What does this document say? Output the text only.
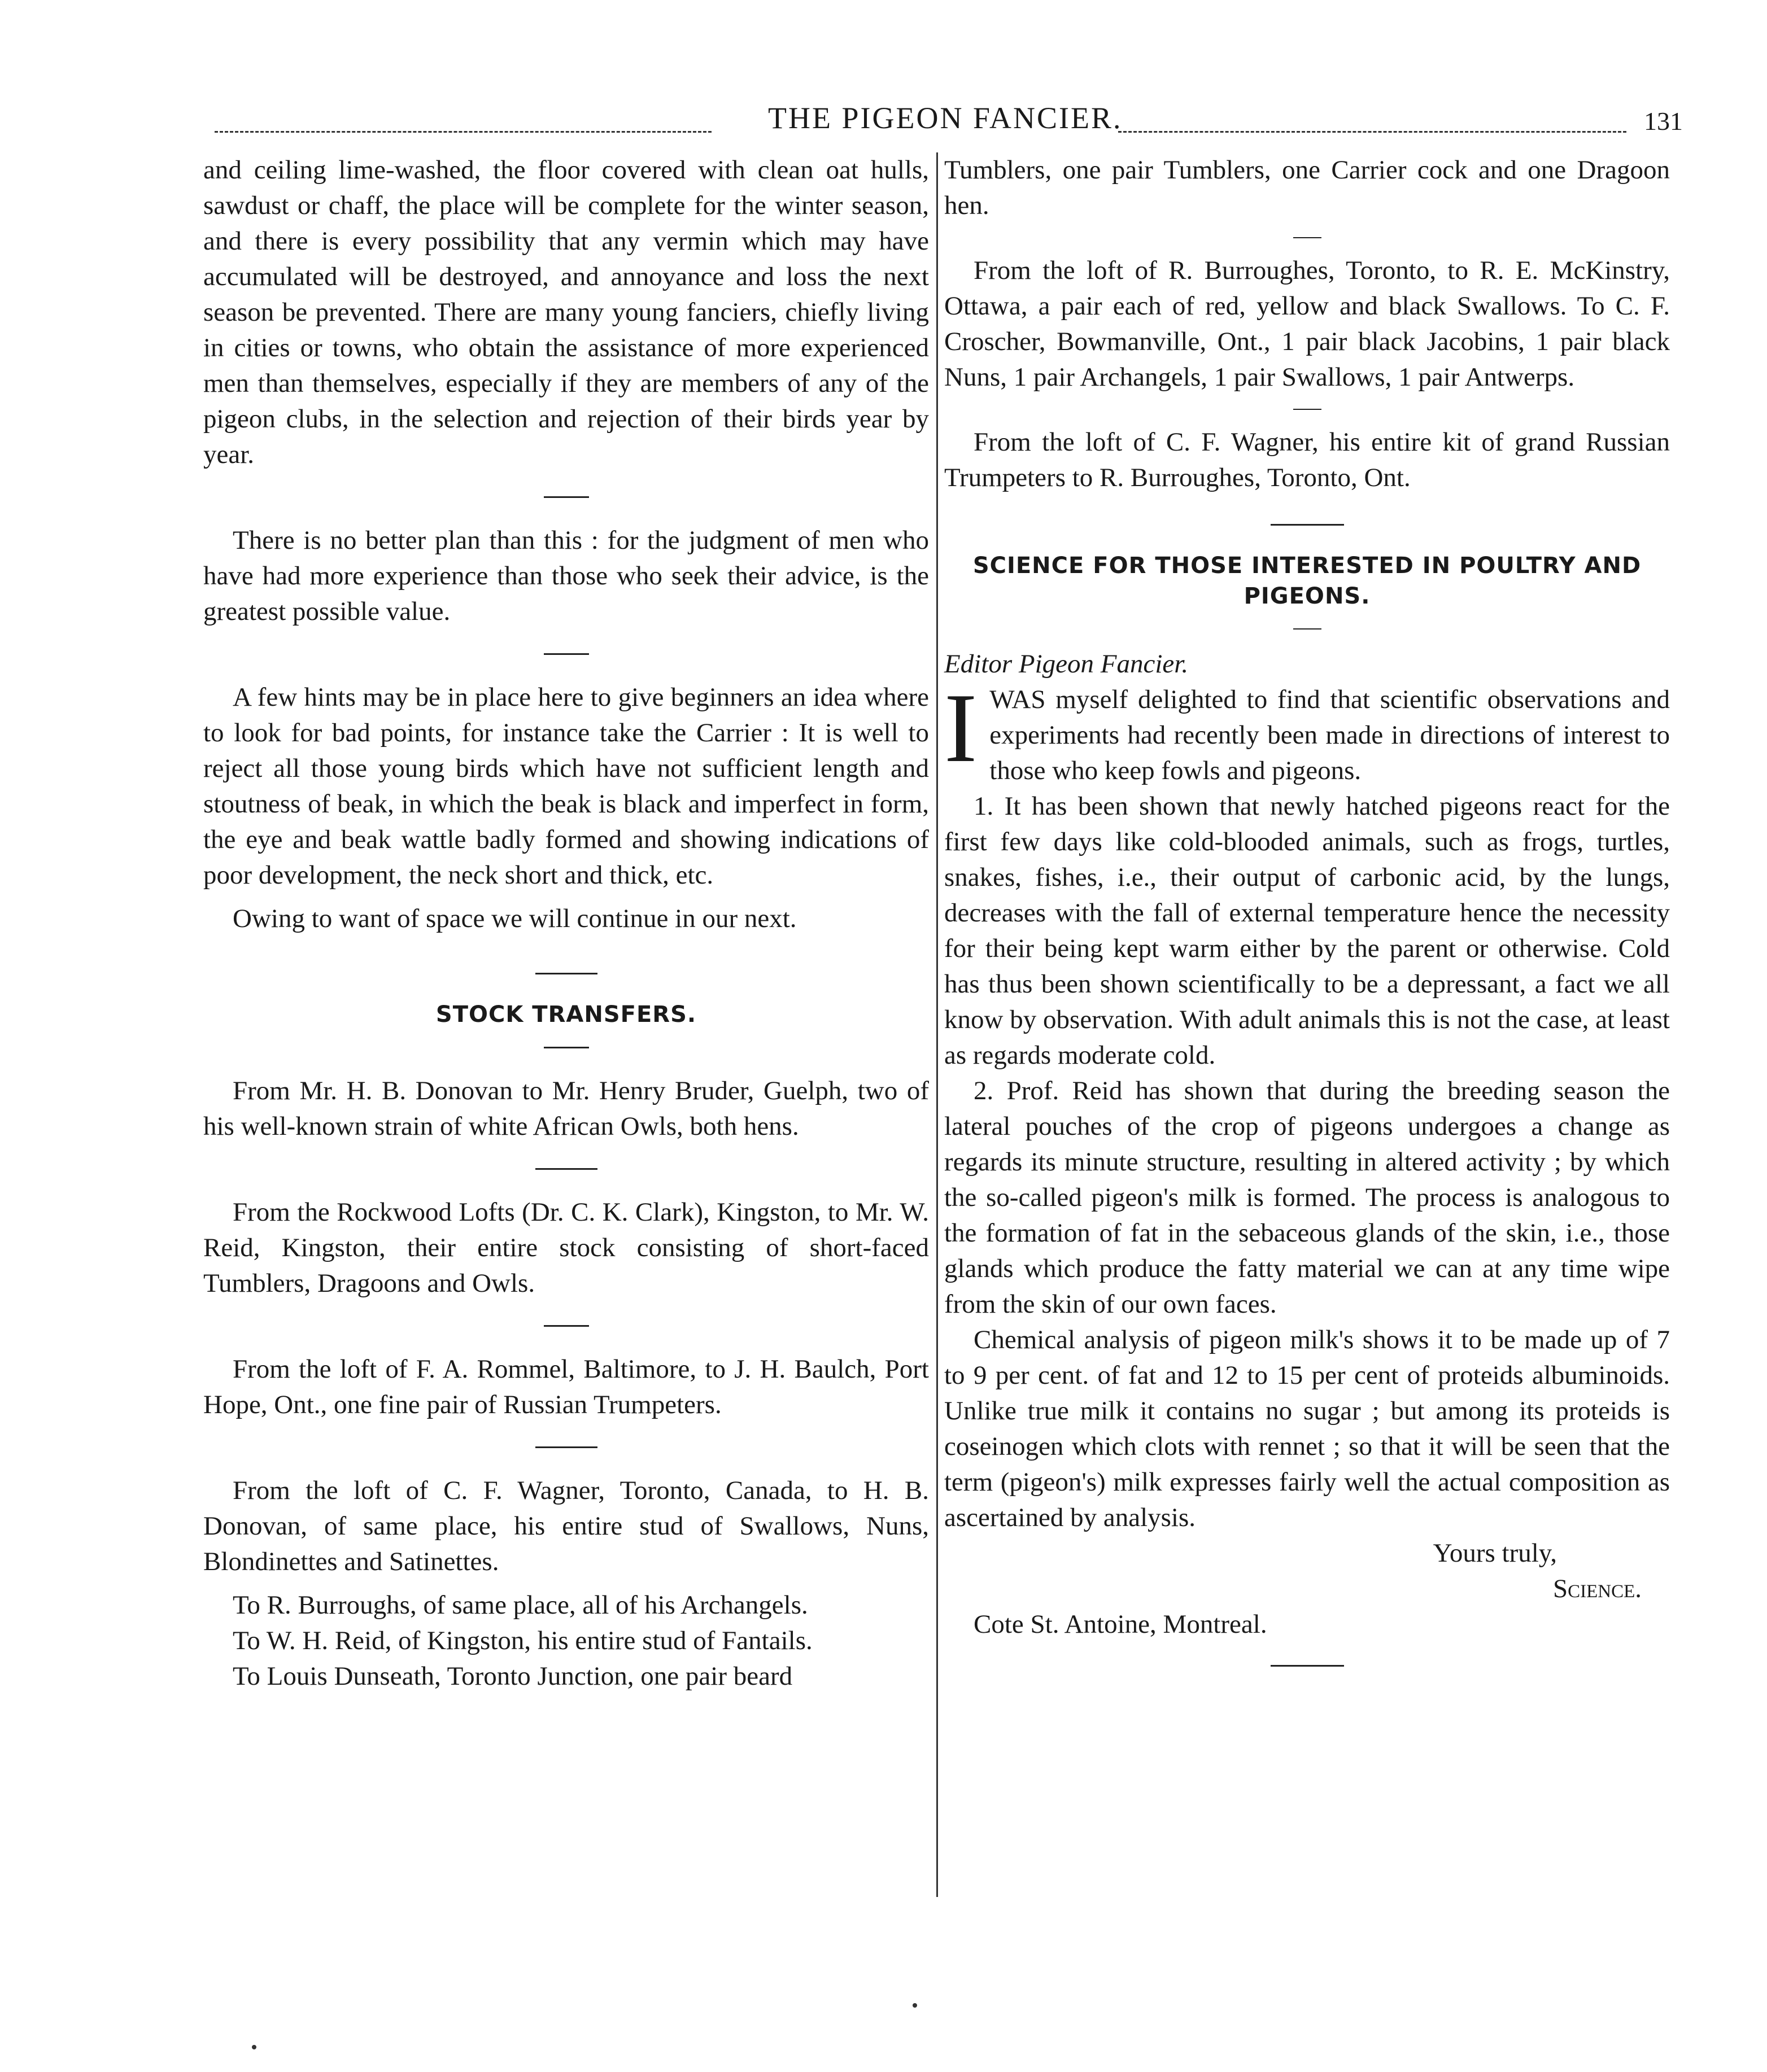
THE PIGEON FANCIER.	131

and ceiling lime-washed, the floor covered with clean oat hulls, sawdust or chaff, the place will be complete for the winter season, and there is every possibility that any vermin which may have accumulated will be destroyed, and annoyance and loss the next season be prevented. There are many young fanciers, chiefly living in cities or towns, who obtain the assistance of more experienced men than themselves, especially if they are members of any of the pigeon clubs, in the selection and rejection of their birds year by year.

There is no better plan than this : for the judgment of men who have had more experience than those who seek their advice, is the greatest possible value.

A few hints may be in place here to give beginners an idea where to look for bad points, for instance take the Carrier : It is well to reject all those young birds which have not sufficient length and stoutness of beak, in which the beak is black and imperfect in form, the eye and beak wattle badly formed and showing indications of poor development, the neck short and thick, etc.

Owing to want of space we will continue in our next.

STOCK TRANSFERS.

From Mr. H. B. Donovan to Mr. Henry Bruder, Guelph, two of his well-known strain of white African Owls, both hens.

From the Rockwood Lofts (Dr. C. K. Clark), Kingston, to Mr. W. Reid, Kingston, their entire stock consisting of short-faced Tumblers, Dragoons and Owls.

From the loft of F. A. Rommel, Baltimore, to J. H. Baulch, Port Hope, Ont., one fine pair of Russian Trumpeters.

From the loft of C. F. Wagner, Toronto, Canada, to H. B. Donovan, of same place, his entire stud of Swallows, Nuns, Blondinettes and Satinettes.

To R. Burroughs, of same place, all of his Archangels.

To W. H. Reid, of Kingston, his entire stud of Fantails.

To Louis Dunseath, Toronto Junction, one pair beard

Tumblers, one pair Tumblers, one Carrier cock and one Dragoon hen.

From the loft of R. Burroughes, Toronto, to R. E. McKinstry, Ottawa, a pair each of red, yellow and black Swallows. To C. F. Croscher, Bowmanville, Ont., 1 pair black Jacobins, 1 pair black Nuns, 1 pair Archangels, 1 pair Swallows, 1 pair Antwerps.

From the loft of C. F. Wagner, his entire kit of grand Russian Trumpeters to R. Burroughes, Toronto, Ont.

SCIENCE FOR THOSE INTERESTED IN POULTRY AND PIGEONS.

Editor Pigeon Fancier.

I WAS myself delighted to find that scientific observations and experiments had recently been made in directions of interest to those who keep fowls and pigeons.

1. It has been shown that newly hatched pigeons react for the first few days like cold-blooded animals, such as frogs, turtles, snakes, fishes, i.e., their output of carbonic acid, by the lungs, decreases with the fall of external temperature hence the necessity for their being kept warm either by the parent or otherwise. Cold has thus been shown scientifically to be a depressant, a fact we all know by observation. With adult animals this is not the case, at least as regards moderate cold.

2. Prof. Reid has shown that during the breeding season the lateral pouches of the crop of pigeons undergoes a change as regards its minute structure, resulting in altered activity ; by which the so-called pigeon's milk is formed. The process is analogous to the formation of fat in the sebaceous glands of the skin, i.e., those glands which produce the fatty material we can at any time wipe from the skin of our own faces.

Chemical analysis of pigeon milk's shows it to be made up of 7 to 9 per cent. of fat and 12 to 15 per cent of proteids albuminoids. Unlike true milk it contains no sugar ; but among its proteids is coseinogen which clots with rennet ; so that it will be seen that the term (pigeon's) milk expresses fairly well the actual composition as ascertained by analysis.

Yours truly,

Science.

Cote St. Antoine, Montreal.
